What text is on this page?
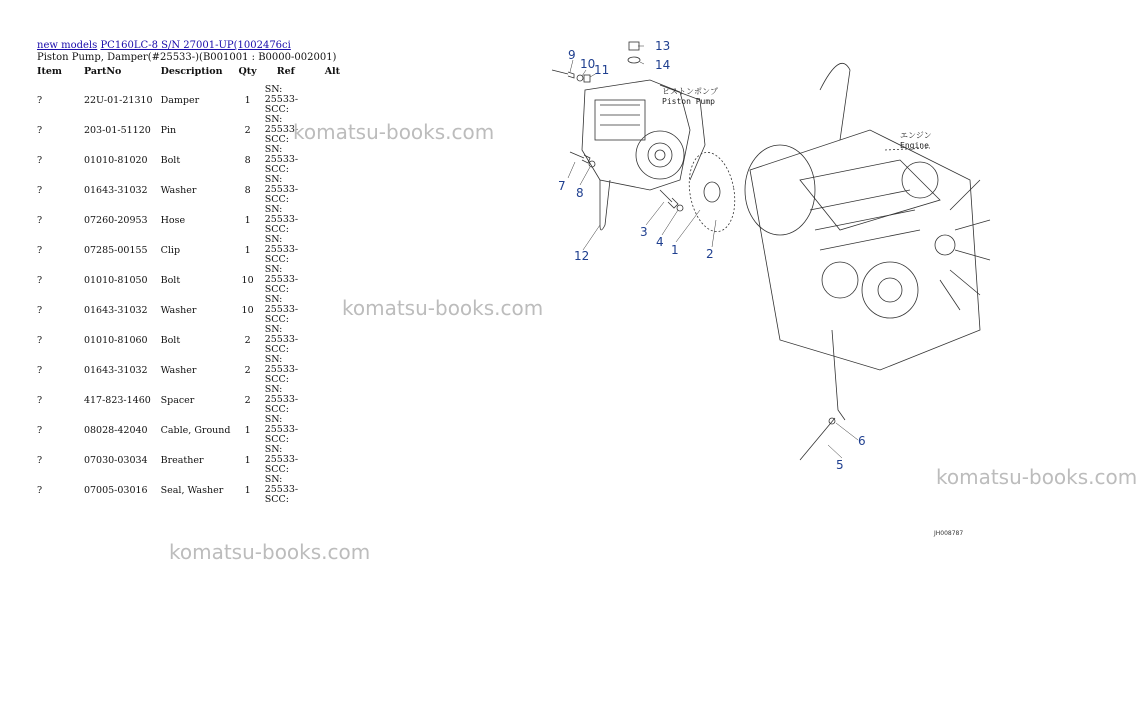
new models PC160LC-8 S/N 27001-UP(1002476ci
Piston Pump, Damper(#25533-)(B001001 : B0000-002001)
Item	PartNo	Description	Qty	Ref	Alt
?	22U-01-21310	Damper	1	SN: 25533-SCC:	
?	203-01-51120	Pin	2	SN: 25533-SCC:	
?	01010-81020	Bolt	8	SN: 25533-SCC:	
?	01643-31032	Washer	8	SN: 25533-SCC:	
?	07260-20953	Hose	1	SN: 25533-SCC:	
?	07285-00155	Clip	1	SN: 25533-SCC:	
?	01010-81050	Bolt	10	SN: 25533-SCC:	
?	01643-31032	Washer	10	SN: 25533-SCC:	
?	01010-81060	Bolt	2	SN: 25533-SCC:	
?	01643-31032	Washer	2	SN: 25533-SCC:	
?	417-823-1460	Spacer	2	SN: 25533-SCC:	
?	08028-42040	Cable, Ground	1	SN: 25533-SCC:	
?	07030-03034	Breather	1	SN: 25533-SCC:	
?	07005-03016	Seal, Washer	1	SN: 25533-SCC:	
komatsu-books.com
komatsu-books.com
komatsu-books.com
komatsu-books.com
9
10
11
13
14
7 8
12
3
4
1 2
5
6
ピストンポンプ
Piston Pump
エンジン
Engine
JH008787
